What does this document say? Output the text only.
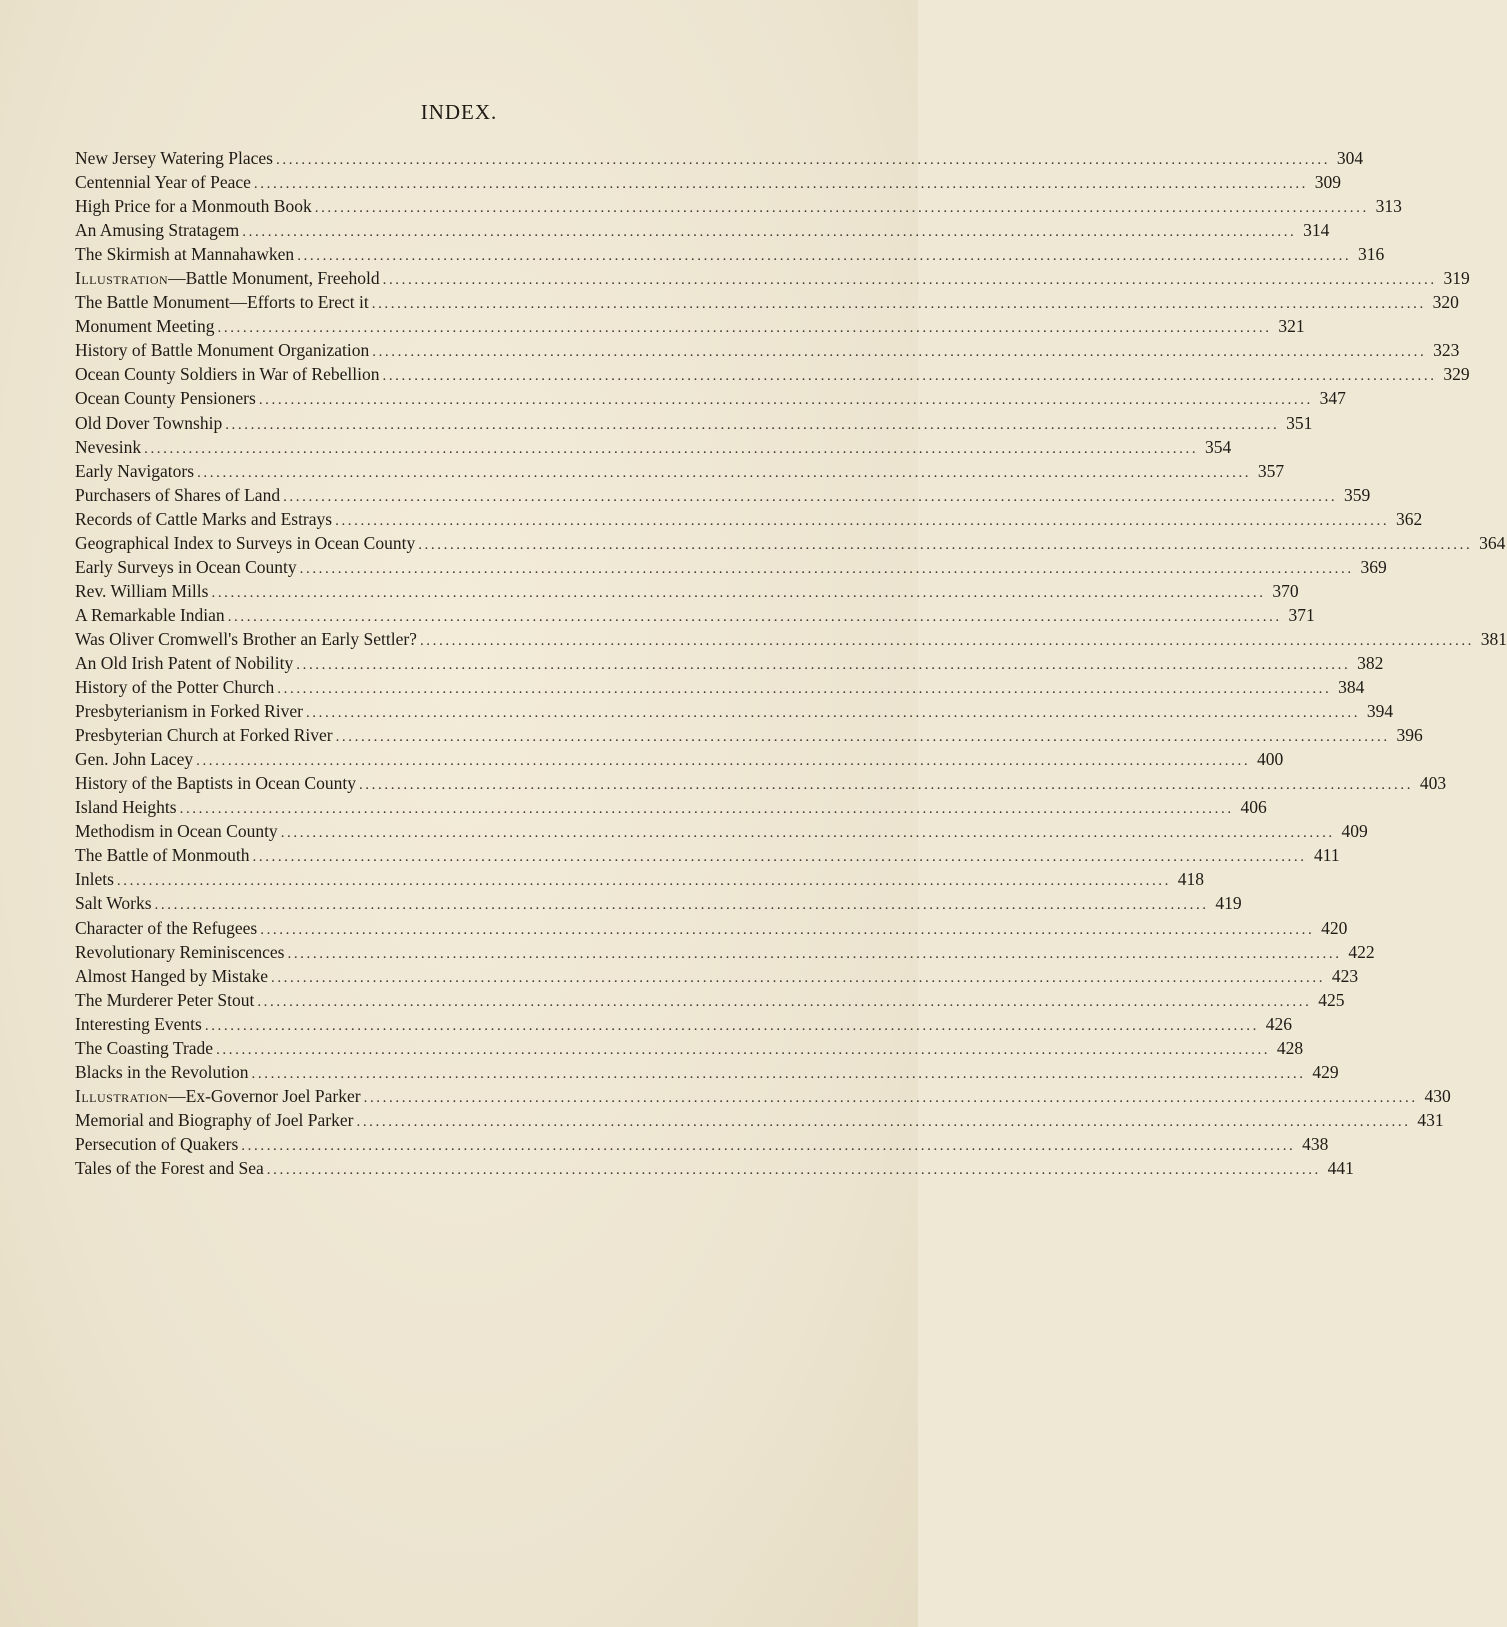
INDEX.
New Jersey Watering Places .....	304
Centennial Year of Peace .....	309
High Price for a Monmouth Book .....	313
An Amusing Stratagem .....	314
The Skirmish at Mannahawken .....	316
Illustration—Battle Monument, Freehold .....	319
The Battle Monument—Efforts to Erect it .....	320
Monument Meeting .....	321
History of Battle Monument Organization .....	323
Ocean County Soldiers in War of Rebellion .....	329
Ocean County Pensioners .....	347
Old Dover Township .....	351
Nevesink .....	354
Early Navigators .....	357
Purchasers of Shares of Land .....	359
Records of Cattle Marks and Estrays .....	362
Geographical Index to Surveys in Ocean County .....	364
Early Surveys in Ocean County .....	369
Rev. William Mills .....	370
A Remarkable Indian .....	371
Was Oliver Cromwell's Brother an Early Settler? .....	381
An Old Irish Patent of Nobility .....	382
History of the Potter Church .....	384
Presbyterianism in Forked River .....	394
Presbyterian Church at Forked River .....	396
Gen. John Lacey .....	400
History of the Baptists in Ocean County .....	403
Island Heights .....	406
Methodism in Ocean County .....	409
The Battle of Monmouth .....	411
Inlets .....	418
Salt Works .....	419
Character of the Refugees .....	420
Revolutionary Reminiscences .....	422
Almost Hanged by Mistake .....	423
The Murderer Peter Stout .....	425
Interesting Events .....	426
The Coasting Trade .....	428
Blacks in the Revolution .....	429
Illustration—Ex-Governor Joel Parker .....	430
Memorial and Biography of Joel Parker .....	431
Persecution of Quakers .....	438
Tales of the Forest and Sea .....	441
